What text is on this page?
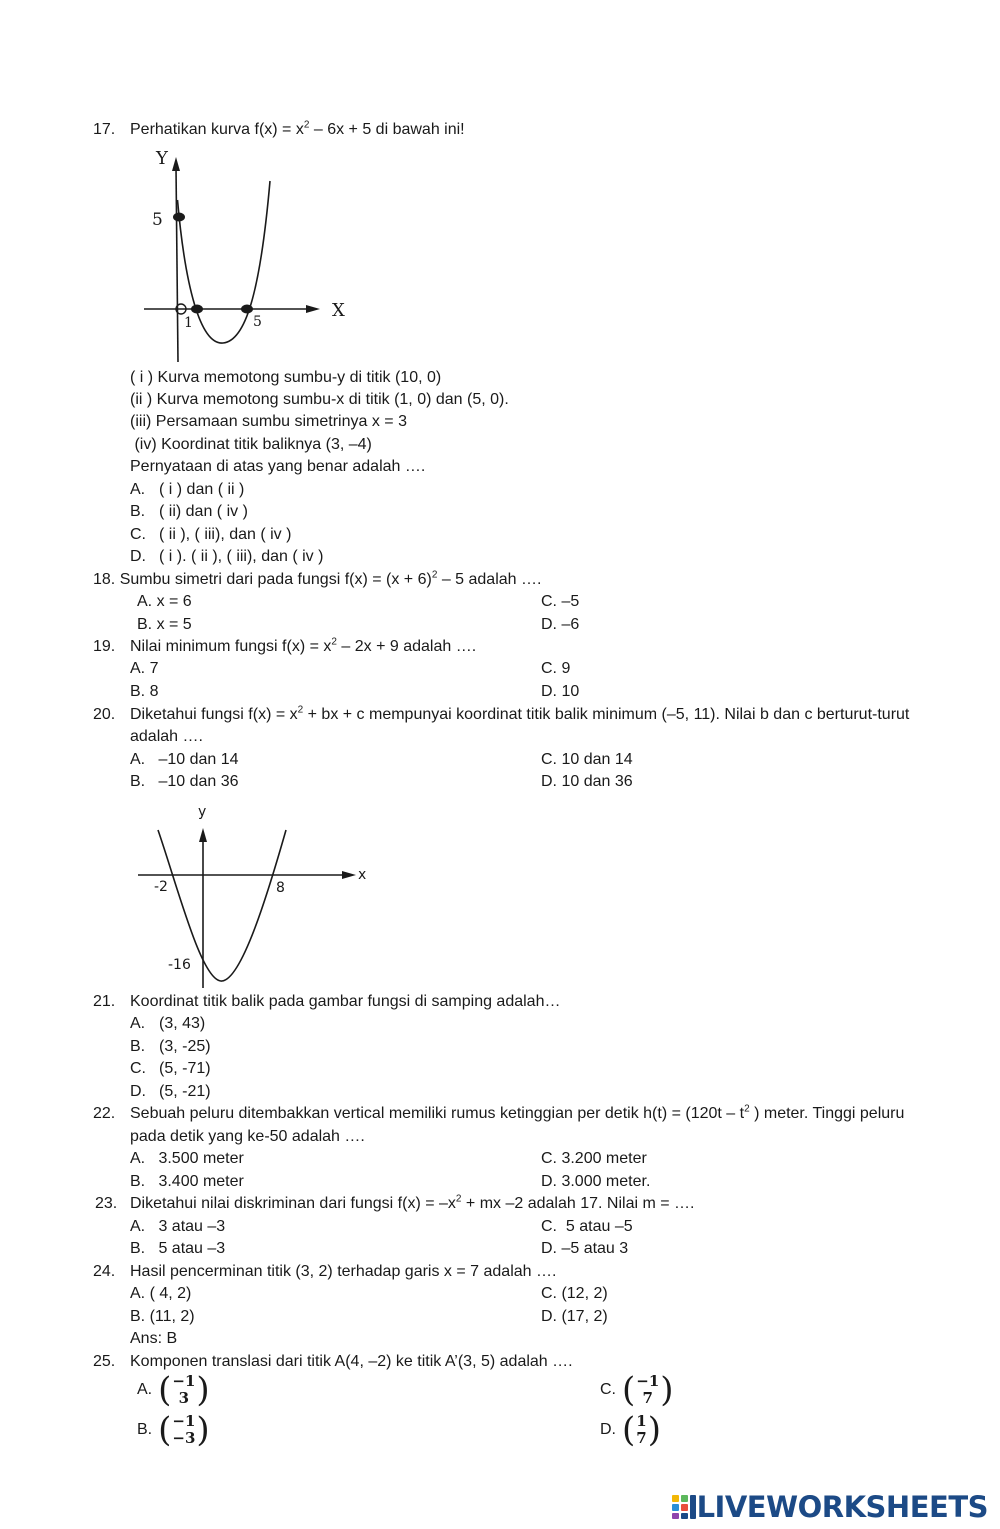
17. Perhatikan kurva $f(x) = x^2 - 6x + 5$ di bawah ini!
Y
X
5
1	5
( i ) Kurva memotong sumbu-y di titik (10, 0)
(ii ) Kurva memotong sumbu-x di titik (1, 0) dan (5, 0).
(iii) Persamaan sumbu simetrinya x = 3
(iv) Koordinat titik baliknya (3, –4)
Pernyataan di atas yang benar adalah ….
A. ( i ) dan ( ii )
B. ( ii) dan ( iv )
C. ( ii ), ( iii), dan ( iv )
D. ( i ). ( ii ), ( iii), dan ( iv )
18. Sumbu simetri dari pada fungsi $f(x) = (x + 6)^2 - 5$ adalah ….
A. x = 6
B. x = 5
C. –5
D. –6
19. Nilai minimum fungsi $f(x) = x^2 - 2x + 9$ adalah ….
A. 7
B. 8
C. 9
D. 10
20. Diketahui fungsi $f(x) = x^2$ + bx + c mempunyai koordinat titik balik minimum (–5, 11). Nilai b dan c berturut-turut
adalah ….
A.   –10 dan 14
B.   –10 dan 36
C. 10 dan 14
D. 10 dan 36
y
x
-2	8
-16
21. Koordinat titik balik pada gambar fungsi di samping adalah…
A. (3, 43)
B. (3, -25)
C. (5, -71)
D. (5, -21)
22. Sebuah peluru ditembakkan vertical memiliki rumus ketinggian per detik $h(t) = (120t - t^2$ ) meter. Tinggi peluru
pada detik yang ke-50 adalah ….
A.   3.500 meter
B.   3.400 meter
C. 3.200 meter
D. 3.000 meter.
23. Diketahui nilai diskriminan dari fungsi $f(x) = -x^2$ + mx –2 adalah 17. Nilai m = ….
A.   3 atau –3
B.   5 atau –3
C.  5 atau –5
D. –5 atau 3
24. Hasil pencerminan titik (3, 2) terhadap garis x = 7 adalah ….
A. ( 4, 2)
B. (11, 2)
C. (12, 2)
D. (17, 2)
Ans: B
25. Komponen translasi dari titik A(4, –2) ke titik A’(3, 5) adalah ….
A. ( −1
3 )
B. ( −1
−3 )
C. ( −1
7 )
D. ( 1
7 )
LIVEWORKSHEETS
